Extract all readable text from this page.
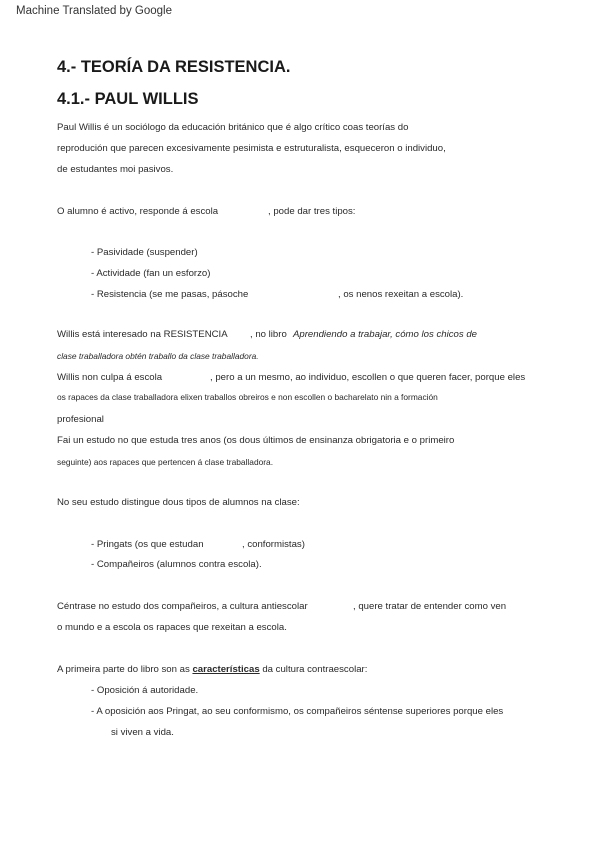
Machine Translated by Google
4.- TEORÍA DA RESISTENCIA.
4.1.- PAUL WILLIS
Paul Willis é un sociólogo da educación británico que é algo crítico coas teorías do
reprodución que parecen excesivamente pesimista e estruturalista, esqueceron o individuo,
de estudantes moi pasivos.
O alumno é activo, responde á escola	, pode dar tres tipos:
- Pasividade (suspender)
- Actividade (fan un esforzo)
- Resistencia (se me pasas, pásoche	, os nenos rexeitan a escola).
Willis está interesado na RESISTENCIA , no libro Aprendiendo a trabajar, cómo los chicos de
clase traballadora obtén traballo da clase traballadora.
Willis non culpa á escola	, pero a un mesmo, ao individuo, escollen o que queren facer, porque eles
os rapaces da clase traballadora elixen traballos obreiros e non escollen o bacharelato nin a formación
profesional
Fai un estudo no que estuda tres anos (os dous últimos de ensinanza obrigatoria e o primeiro
seguinte) aos rapaces que pertencen á clase traballadora.
No seu estudo distingue dous tipos de alumnos na clase:
- Pringats (os que estudan	, conformistas)
- Compañeiros (alumnos contra escola).
Céntrase no estudo dos compañeiros, a cultura antiescolar	, quere tratar de entender como ven
o mundo e a escola os rapaces que rexeitan a escola.
A primeira parte do libro son as características da cultura contraescolar:
- Oposición á autoridade.
- A oposición aos Pringat, ao seu conformismo, os compañeiros séntense superiores porque eles
si viven a vida.
